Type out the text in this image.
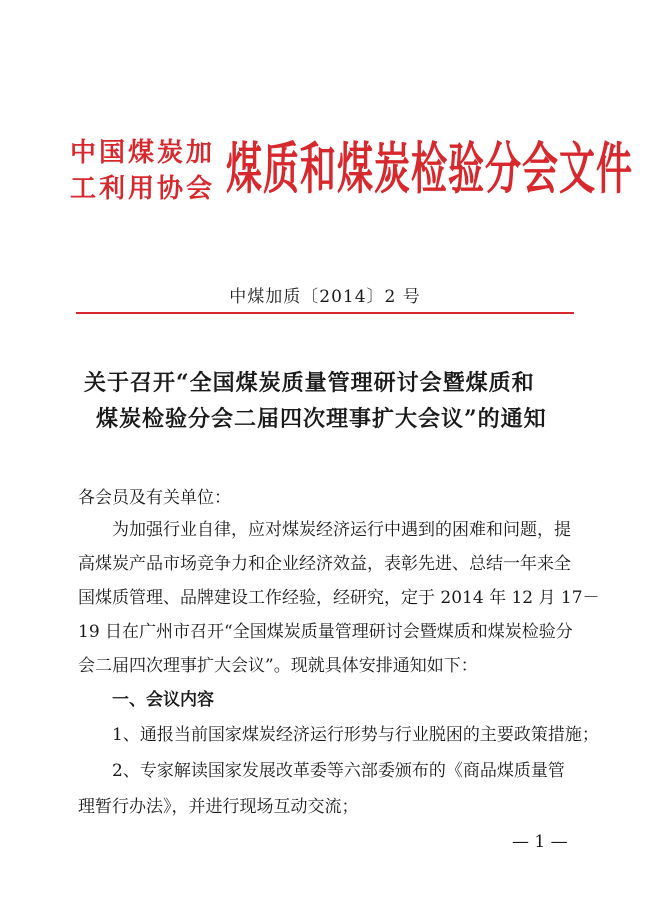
中国煤炭加
工利用协会 煤质和煤炭检验分会文件
中煤加质〔2014〕2 号
关于召开“全国煤炭质量管理研讨会暨煤质和
煤炭检验分会二届四次理事扩大会议”的通知
各会员及有关单位：
为加强行业自律，应对煤炭经济运行中遇到的困难和问题，提
高煤炭产品市场竞争力和企业经济效益，表彰先进、总结一年来全
国煤质管理、品牌建设工作经验，经研究，定于 2014 年 12 月 17－
19 日在广州市召开“全国煤炭质量管理研讨会暨煤质和煤炭检验分
会二届四次理事扩大会议”。现就具体安排通知如下：
一、会议内容
1、通报当前国家煤炭经济运行形势与行业脱困的主要政策措施；
2、专家解读国家发展改革委等六部委颁布的《商品煤质量管
理暂行办法》，并进行现场互动交流；
— 1 —
